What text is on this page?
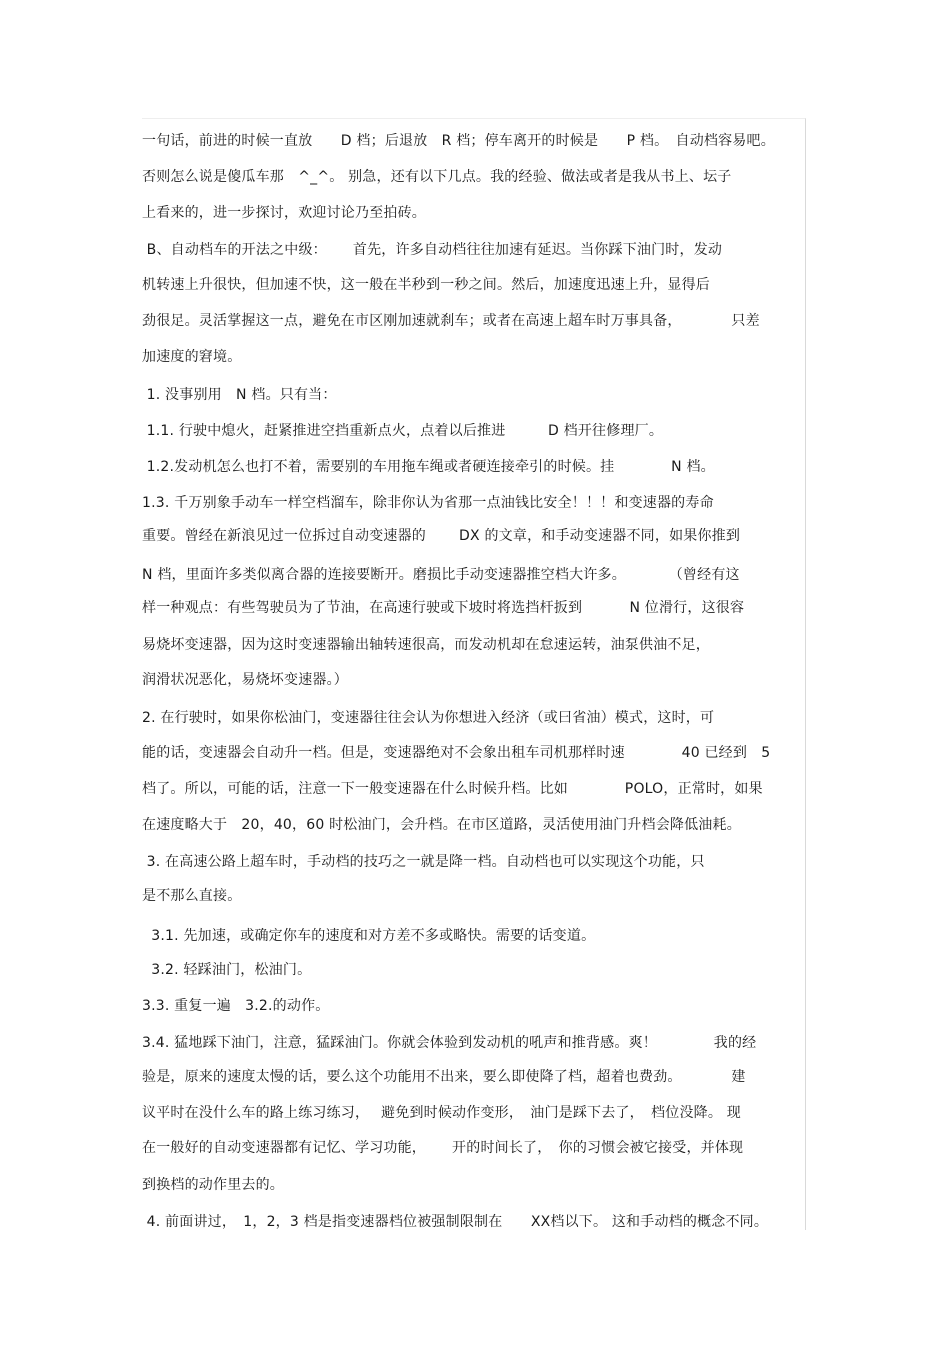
一句话，前进的时候一直放　　D 档；后退放　R 档；停车离开的时候是　　P 档。　自动档容易吧。
否则怎么说是傻瓜车那　^_^。 别急，还有以下几点。我的经验、做法或者是我从书上、坛子
上看来的，进一步探讨，欢迎讨论乃至拍砖。
B、自动档车的开法之中级：　　 首先，许多自动档往往加速有延迟。当你踩下油门时，发动
机转速上升很快，但加速不快，这一般在半秒到一秒之间。然后，加速度迅速上升，显得后
劲很足。灵活掌握这一点，避免在市区刚加速就刹车；或者在高速上超车时万事具备，　　　　只差
加速度的窘境。
1. 没事别用　N 档。只有当：
1.1. 行驶中熄火，赶紧推进空挡重新点火，点着以后推进　　　D 档开往修理厂。
1.2.发动机怎么也打不着，需要别的车用拖车绳或者硬连接牵引的时候。挂　　　　N 档。
1.3. 千万别象手动车一样空档溜车，除非你认为省那一点油钱比安全！！！和变速器的寿命
重要。曾经在新浪见过一位拆过自动变速器的　　 DX 的文章，和手动变速器不同，如果你推到
N 档，里面许多类似离合器的连接要断开。磨损比手动变速器推空档大许多。　　　　（曾经有这
样一种观点：有些驾驶员为了节油，在高速行驶或下坡时将选挡杆扳到　　　 N 位滑行，这很容
易烧坏变速器，因为这时变速器输出轴转速很高，而发动机却在怠速运转，油泵供油不足，
润滑状况恶化，易烧坏变速器。）
2. 在行驶时，如果你松油门，变速器往往会认为你想进入经济（或曰省油）模式，这时，可
能的话，变速器会自动升一档。但是，变速器绝对不会象出租车司机那样时速　　　　40 已经到　5
档了。所以，可能的话，注意一下一般变速器在什么时候升档。比如　　　　POLO，正常时，如果
在速度略大于　20，40，60 时松油门，会升档。在市区道路，灵活使用油门升档会降低油耗。
3. 在高速公路上超车时，手动档的技巧之一就是降一档。自动档也可以实现这个功能，只
是不那么直接。
3.1. 先加速，或确定你车的速度和对方差不多或略快。需要的话变道。
3.2. 轻踩油门，松油门。
3.3. 重复一遍　3.2.的动作。
3.4. 猛地踩下油门，注意，猛踩油门。你就会体验到发动机的吼声和推背感。爽！　　　　我的经
验是，原来的速度太慢的话，要么这个功能用不出来，要么即使降了档，超着也费劲。　　　　建
议平时在没什么车的路上练习练习，　 避免到时候动作变形，　油门是踩下去了，　档位没降。 现
在一般好的自动变速器都有记忆、学习功能，　　 开的时间长了，　你的习惯会被它接受，并体现
到换档的动作里去的。
4. 前面讲过，　1，2，3 档是指变速器档位被强制限制在　　XX档以下。 这和手动档的概念不同。
